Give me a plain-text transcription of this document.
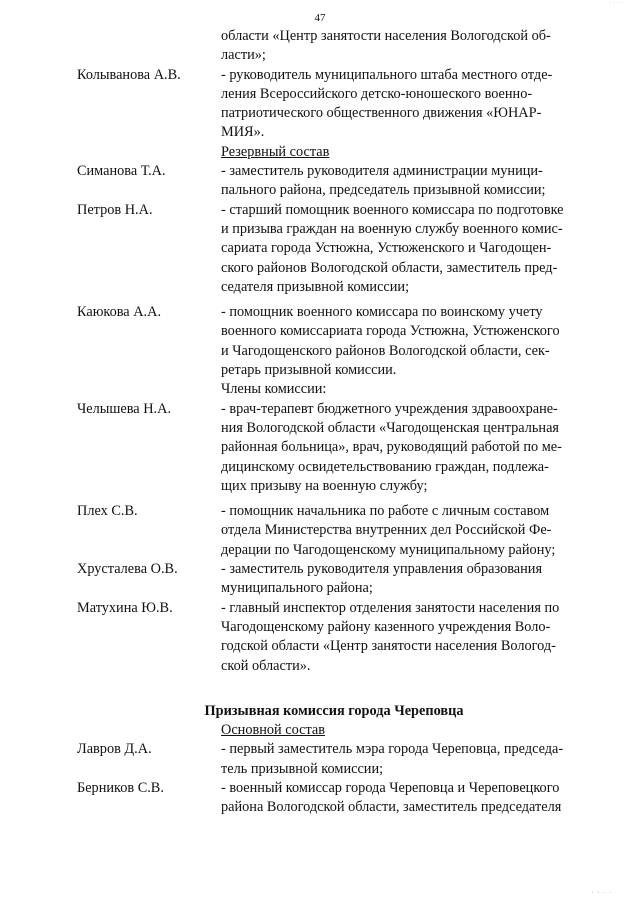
· · · ·
47
области «Центр занятости населения Вологодской об-
ласти»;
Колыванова А.В.	- руководитель муниципального штаба местного отде-
ления Всероссийского детско-юношеского военно-
патриотического общественного движения «ЮНАР-
МИЯ».
Резервный состав
Симанова Т.А.	- заместитель руководителя администрации муници-
пального района, председатель призывной комиссии;
Петров Н.А.	- старший помощник военного комиссара по подготовке
и призыва граждан на военную службу военного комис-
сариата города Устюжна, Устюженского и Чагодощен-
ского районов Вологодской области, заместитель пред-
седателя призывной комиссии;
Каюкова А.А.	- помощник военного комиссара по воинскому учету
военного комиссариата города Устюжна, Устюженского
и Чагодощенского районов Вологодской области, сек-
ретарь призывной комиссии.
Члены комиссии:
Челышева Н.А.	- врач-терапевт бюджетного учреждения здравоохране-
ния Вологодской области «Чагодощенская центральная
районная больница», врач, руководящий работой по ме-
дицинскому освидетельствованию граждан, подлежа-
щих призыву на военную службу;
Плех С.В.	- помощник начальника по работе с личным составом
отдела Министерства внутренних дел Российской Фе-
дерации по Чагодощенскому муниципальному району;
Хрусталева О.В.	- заместитель руководителя управления образования
муниципального района;
Матухина Ю.В.	- главный инспектор отделения занятости населения по
Чагодощенскому району казенного учреждения Воло-
годской области «Центр занятости населения Вологод-
ской области».
Призывная комиссия города Череповца
Основной состав
Лавров Д.А.	- первый заместитель мэра города Череповца, председа-
тель призывной комиссии;
Берников С.В.	- военный комиссар города Череповца и Череповецкого
района Вологодской области, заместитель председателя
· · · ·
